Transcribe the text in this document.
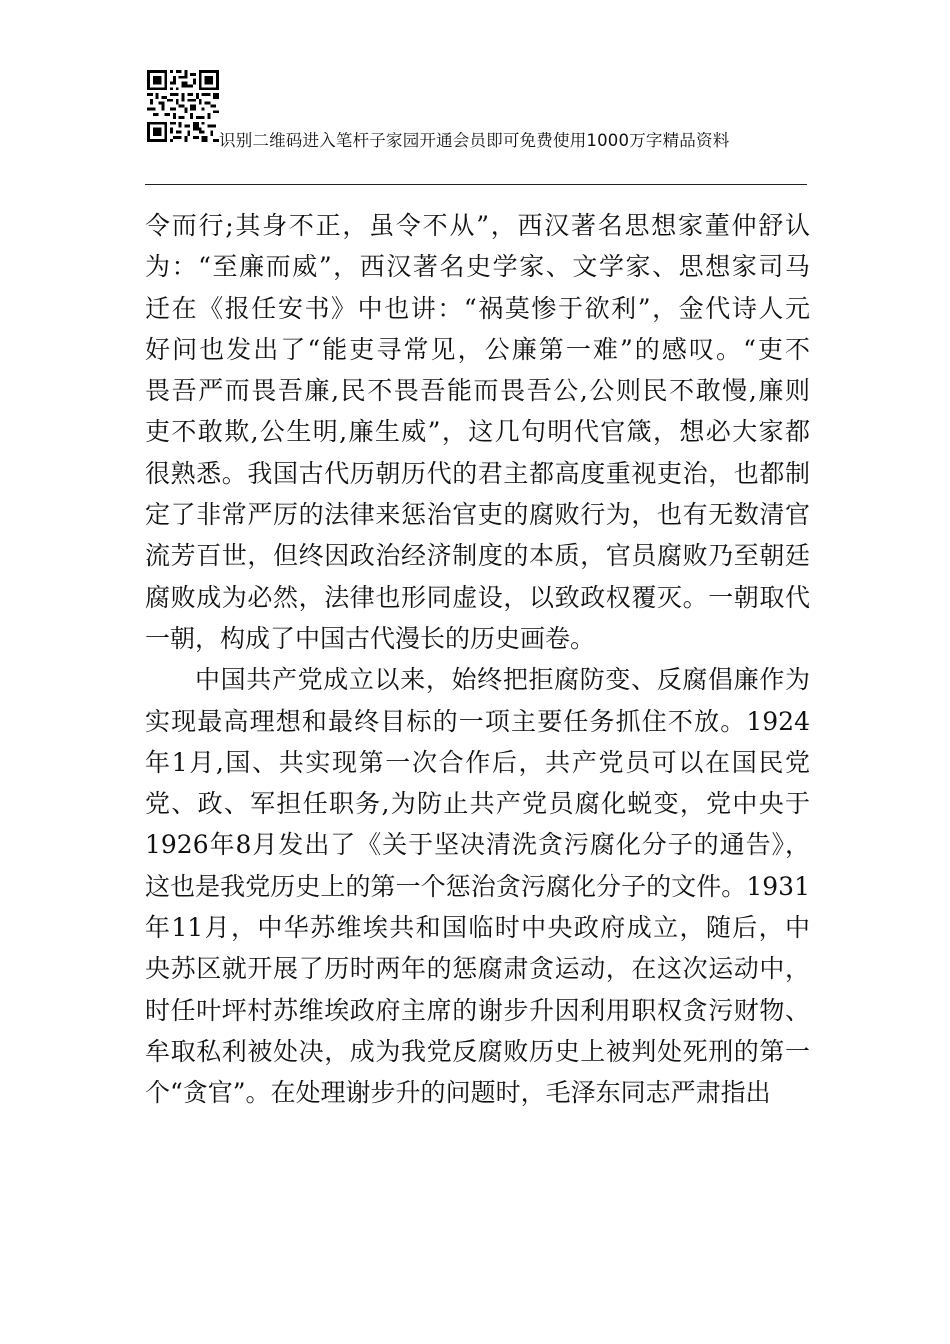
识别二维码进入笔杆子家园开通会员即可免费使用1000万字精品资料
令而行;其身不正，虽令不从”，西汉著名思想家董仲舒认
为：“至廉而威”，西汉著名史学家、文学家、思想家司马
迁在《报任安书》中也讲：“祸莫惨于欲利”，金代诗人元
好问也发出了“能吏寻常见，公廉第一难”的感叹。“吏不
畏吾严而畏吾廉,民不畏吾能而畏吾公,公则民不敢慢,廉则
吏不敢欺,公生明,廉生威”，这几句明代官箴，想必大家都
很熟悉。我国古代历朝历代的君主都高度重视吏治，也都制
定了非常严厉的法律来惩治官吏的腐败行为，也有无数清官
流芳百世，但终因政治经济制度的本质，官员腐败乃至朝廷
腐败成为必然，法律也形同虚设，以致政权覆灭。一朝取代
一朝，构成了中国古代漫长的历史画卷。
中国共产党成立以来，始终把拒腐防变、反腐倡廉作为
实现最高理想和最终目标的一项主要任务抓住不放。1924
年1月,国、共实现第一次合作后，共产党员可以在国民党
党、政、军担任职务,为防止共产党员腐化蜕变，党中央于
1926年8月发出了《关于坚决清洗贪污腐化分子的通告》，
这也是我党历史上的第一个惩治贪污腐化分子的文件。1931
年11月，中华苏维埃共和国临时中央政府成立，随后，中
央苏区就开展了历时两年的惩腐肃贪运动，在这次运动中，
时任叶坪村苏维埃政府主席的谢步升因利用职权贪污财物、
牟取私利被处决，成为我党反腐败历史上被判处死刑的第一
个“贪官”。在处理谢步升的问题时，毛泽东同志严肃指出
